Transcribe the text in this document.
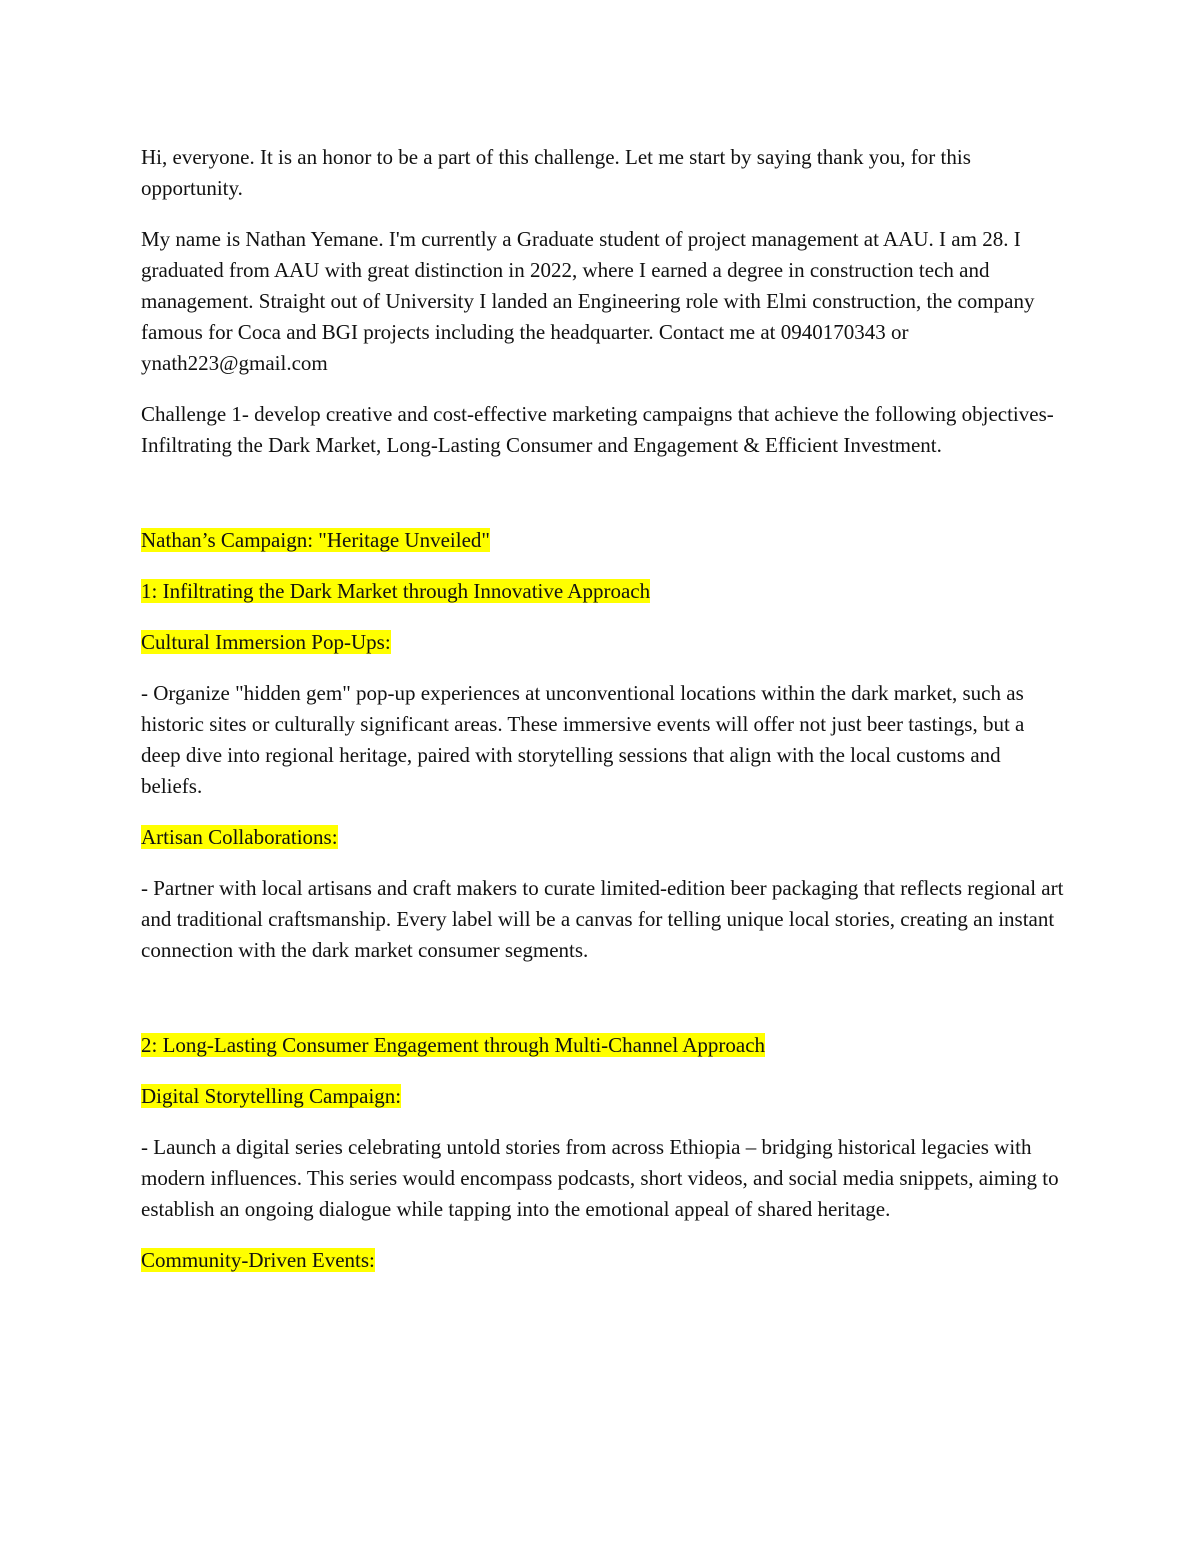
Hi, everyone. It is an honor to be a part of this challenge. Let me start by saying thank you, for this opportunity.

My name is Nathan Yemane. I'm currently a Graduate student of project management at AAU. I am 28. I graduated from AAU with great distinction in 2022, where I earned a degree in construction tech and management. Straight out of University I landed an Engineering role with Elmi construction, the company famous for Coca and BGI projects including the headquarter. Contact me at 0940170343 or ynath223@gmail.com

Challenge 1- develop creative and cost-effective marketing campaigns that achieve the following objectives-Infiltrating the Dark Market, Long-Lasting Consumer and Engagement & Efficient Investment.

Nathan’s Campaign: "Heritage Unveiled"

1: Infiltrating the Dark Market through Innovative Approach

Cultural Immersion Pop-Ups:

- Organize "hidden gem" pop-up experiences at unconventional locations within the dark market, such as historic sites or culturally significant areas. These immersive events will offer not just beer tastings, but a deep dive into regional heritage, paired with storytelling sessions that align with the local customs and beliefs.

Artisan Collaborations:

- Partner with local artisans and craft makers to curate limited-edition beer packaging that reflects regional art and traditional craftsmanship. Every label will be a canvas for telling unique local stories, creating an instant connection with the dark market consumer segments.

2: Long-Lasting Consumer Engagement through Multi-Channel Approach

Digital Storytelling Campaign:

- Launch a digital series celebrating untold stories from across Ethiopia – bridging historical legacies with modern influences. This series would encompass podcasts, short videos, and social media snippets, aiming to establish an ongoing dialogue while tapping into the emotional appeal of shared heritage.

Community-Driven Events:
